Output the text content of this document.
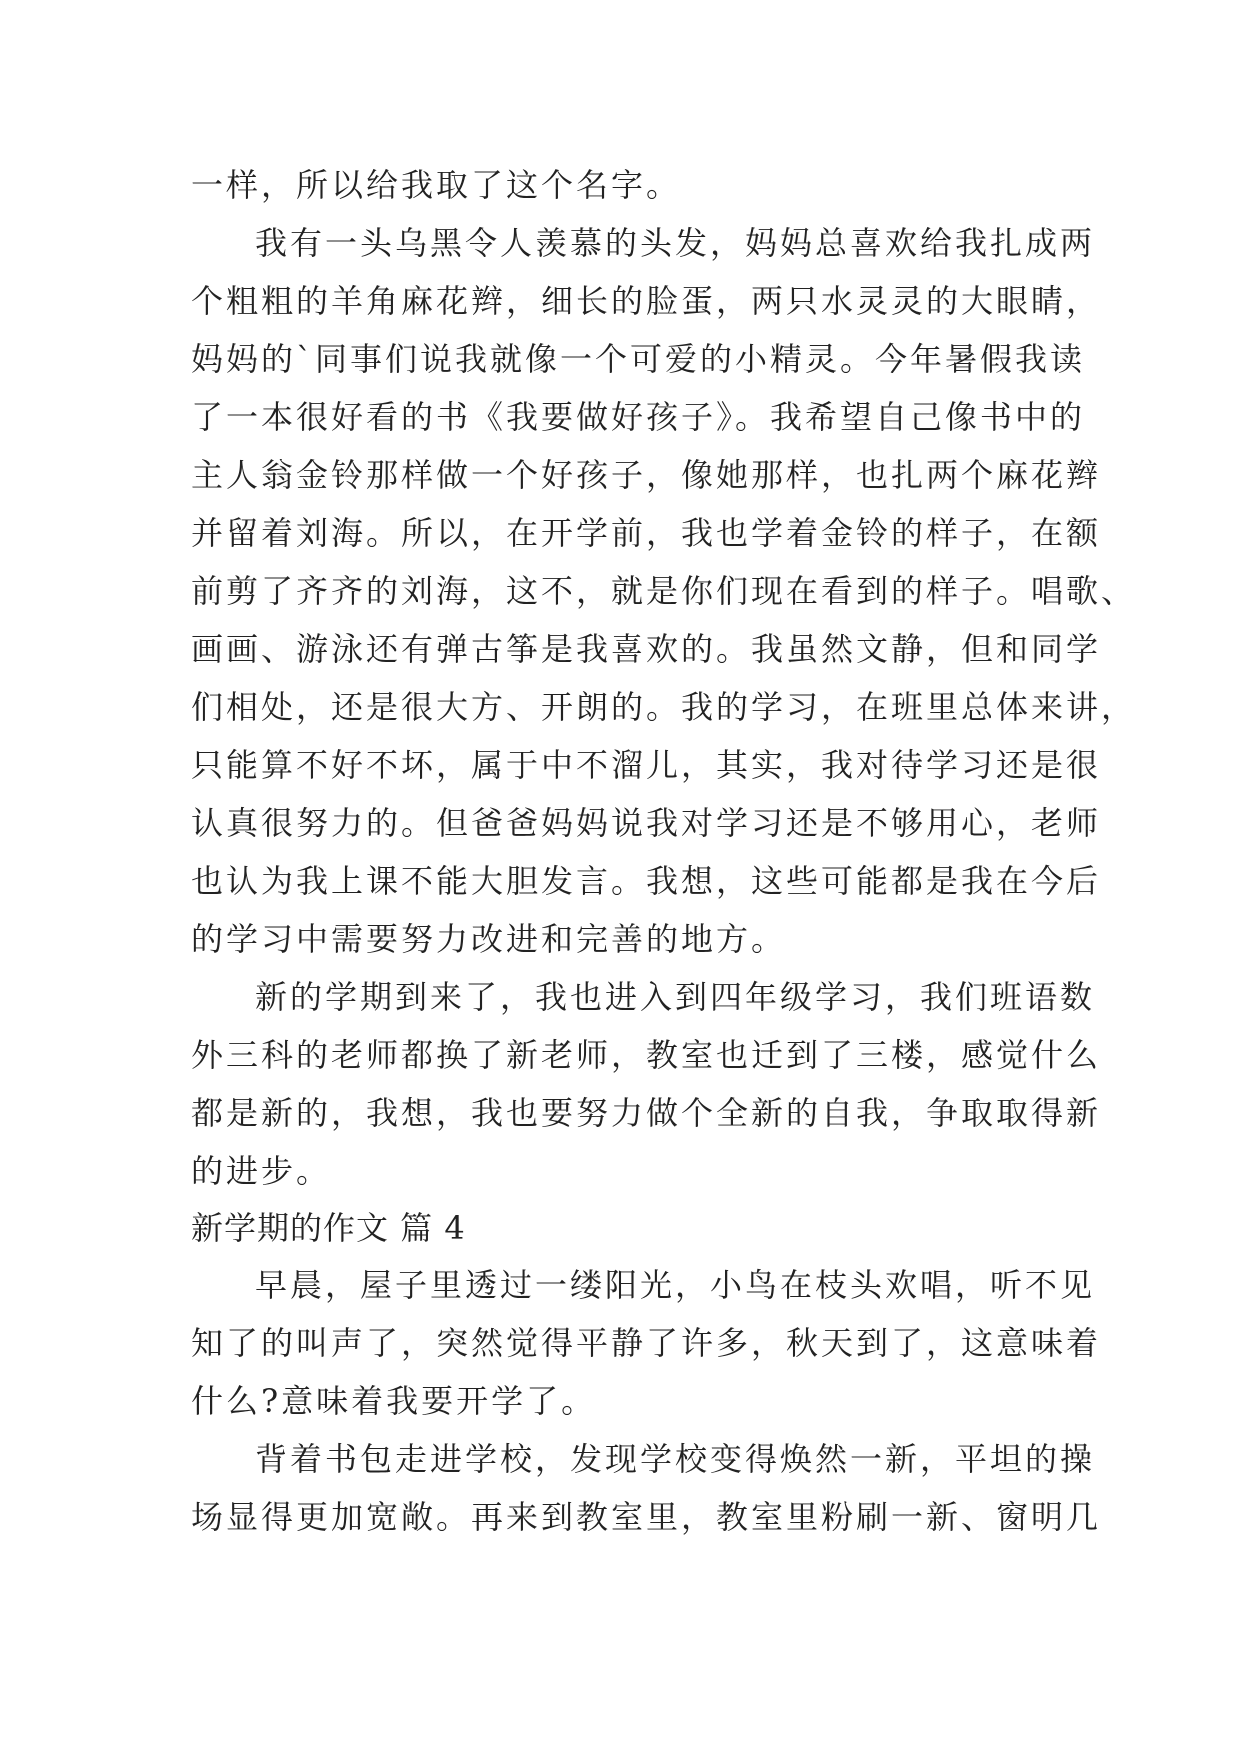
一样，所以给我取了这个名字。
我有一头乌黑令人羡慕的头发，妈妈总喜欢给我扎成两
个粗粗的羊角麻花辫，细长的脸蛋，两只水灵灵的大眼睛，
妈妈的`同事们说我就像一个可爱的小精灵。今年暑假我读
了一本很好看的书《我要做好孩子》。我希望自己像书中的
主人翁金铃那样做一个好孩子，像她那样，也扎两个麻花辫
并留着刘海。所以，在开学前，我也学着金铃的样子，在额
前剪了齐齐的刘海，这不，就是你们现在看到的样子。唱歌、
画画、游泳还有弹古筝是我喜欢的。我虽然文静，但和同学
们相处，还是很大方、开朗的。我的学习，在班里总体来讲，
只能算不好不坏，属于中不溜儿，其实，我对待学习还是很
认真很努力的。但爸爸妈妈说我对学习还是不够用心，老师
也认为我上课不能大胆发言。我想，这些可能都是我在今后
的学习中需要努力改进和完善的地方。
新的学期到来了，我也进入到四年级学习，我们班语数
外三科的老师都换了新老师，教室也迁到了三楼，感觉什么
都是新的，我想，我也要努力做个全新的自我，争取取得新
的进步。
新学期的作文 篇 4
早晨，屋子里透过一缕阳光，小鸟在枝头欢唱，听不见
知了的叫声了，突然觉得平静了许多，秋天到了，这意味着
什么?意味着我要开学了。
背着书包走进学校，发现学校变得焕然一新，平坦的操
场显得更加宽敞。再来到教室里，教室里粉刷一新、窗明几
